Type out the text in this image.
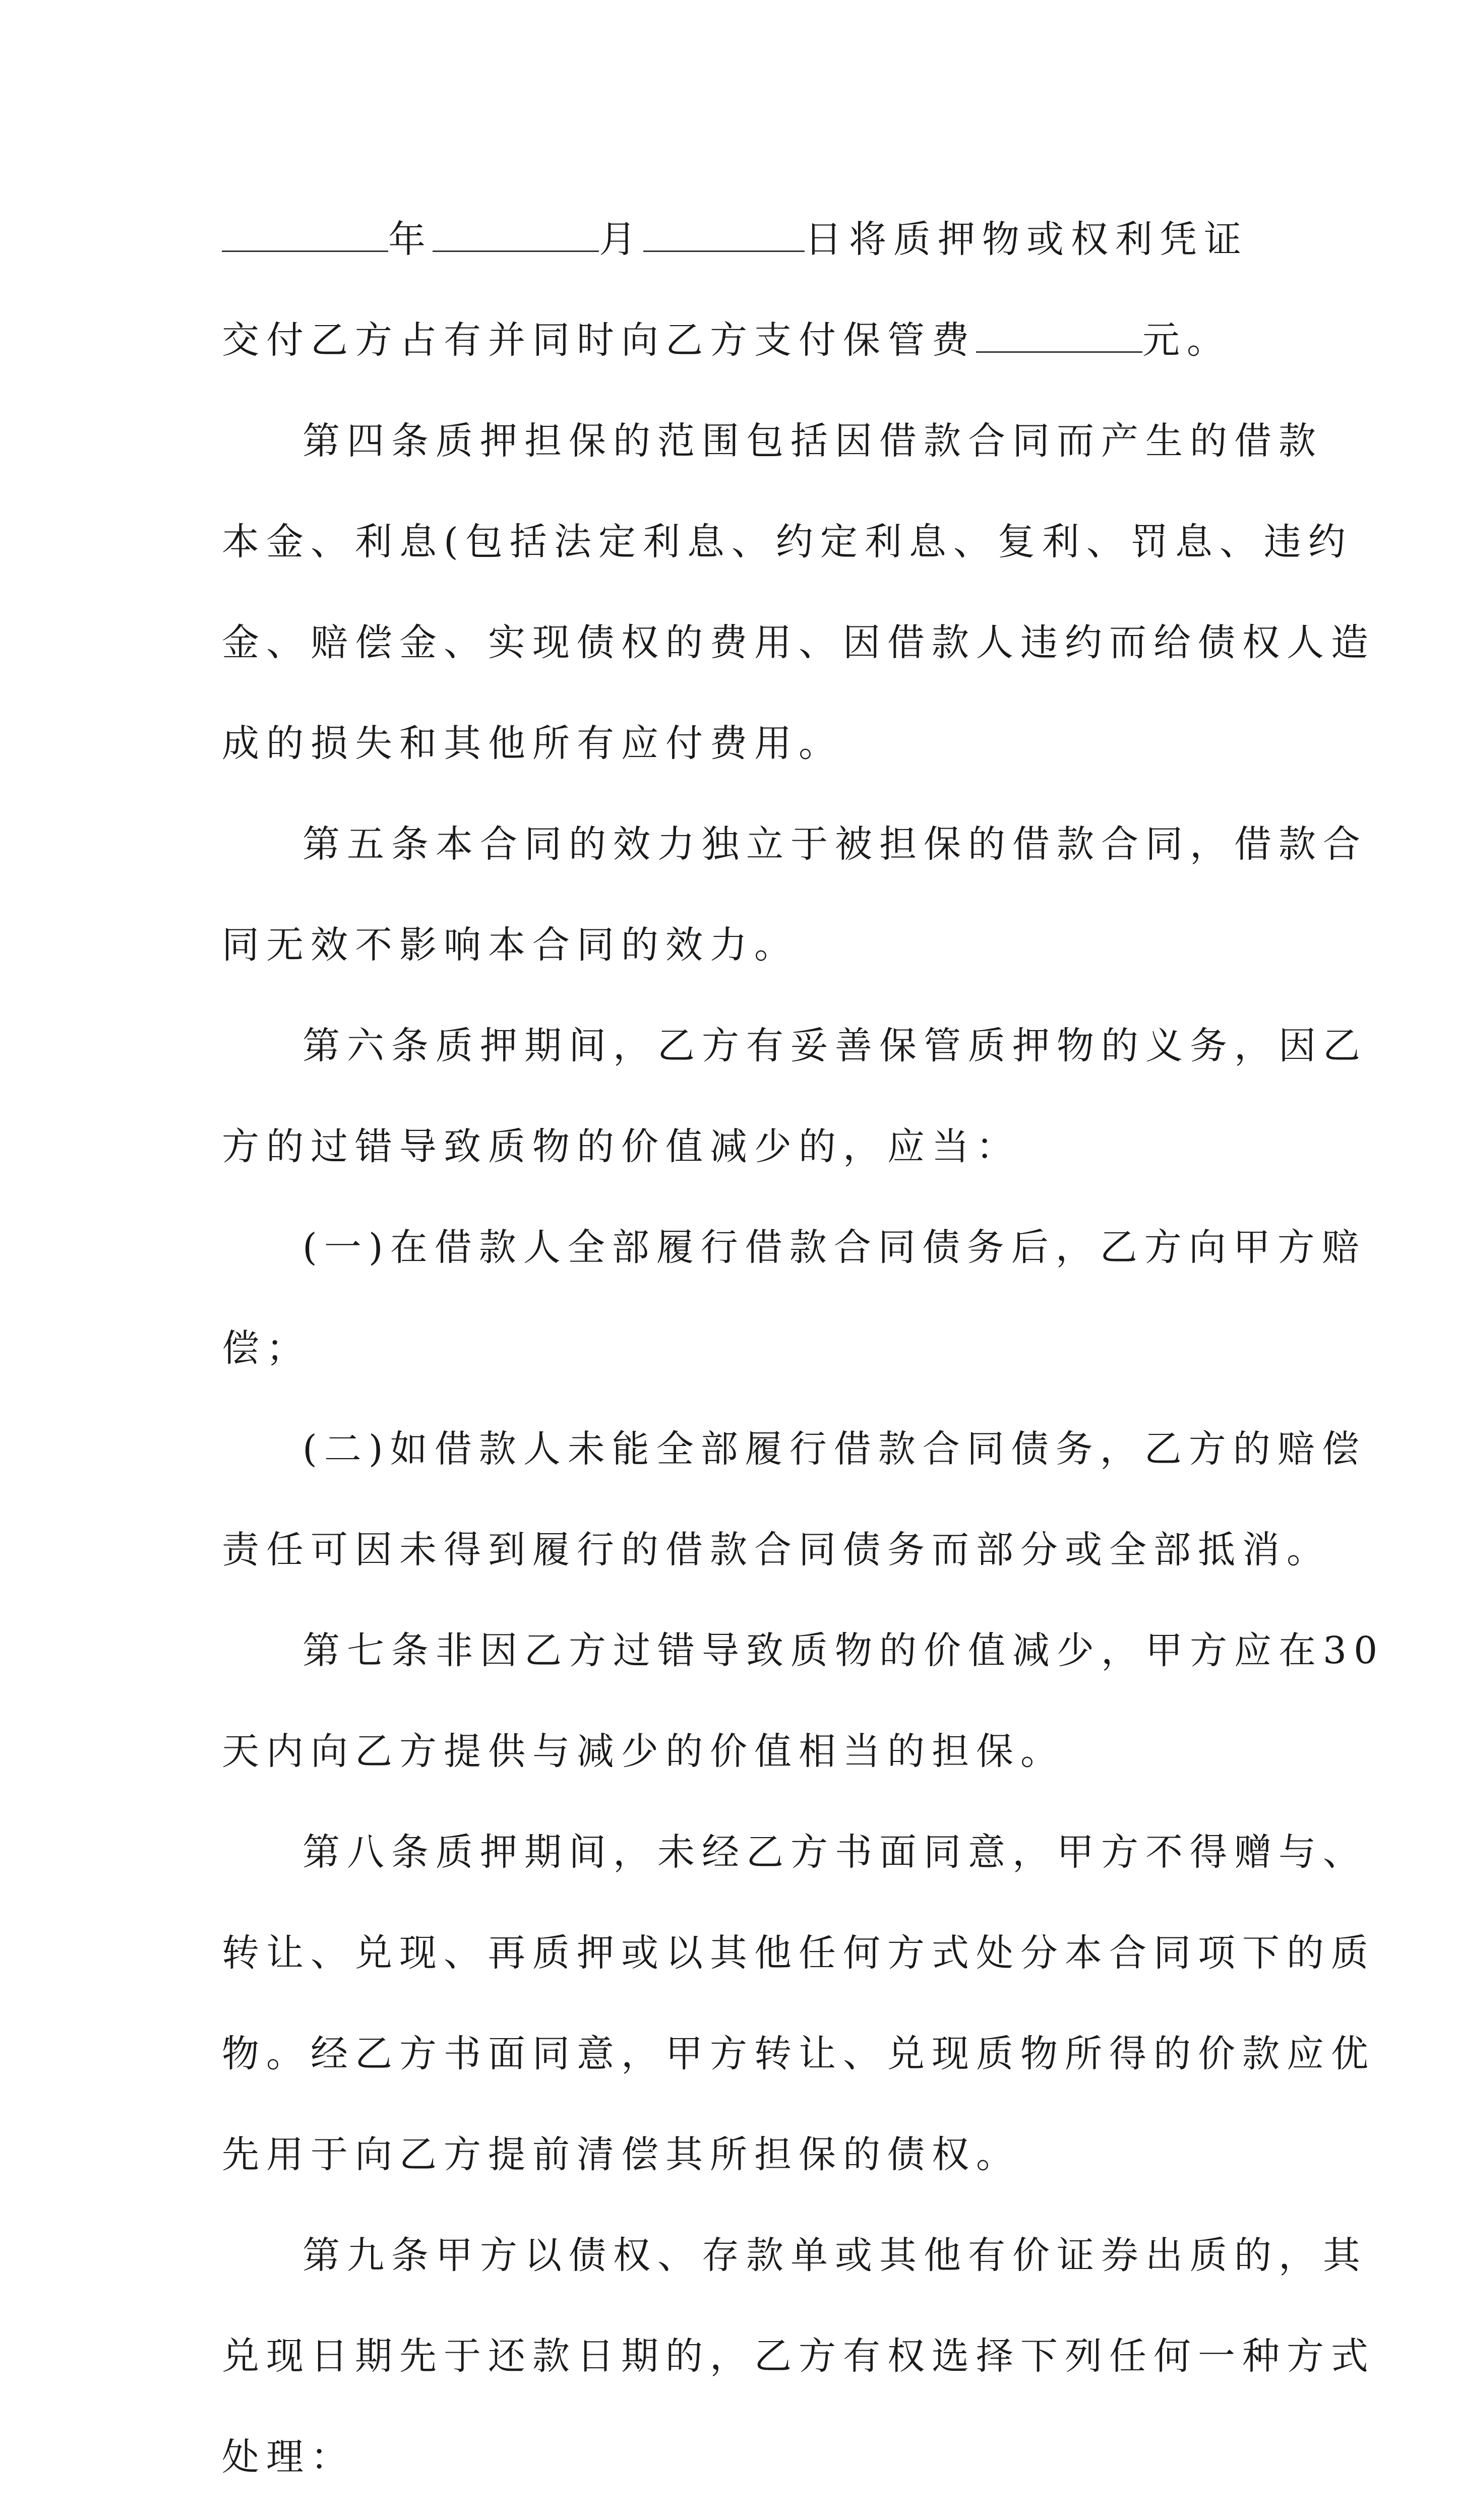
年	月	日将质押物或权利凭证
交付乙方占有并同时向乙方支付保管费	元。
第四条质押担保的范围包括因借款合同而产生的借款
本金、利息(包括法定利息、约定利息、复利、罚息、违约
金、赔偿金、实现债权的费用、因借款人违约而给债权人造
成的损失和其他所有应付费用。
第五条本合同的效力独立于被担保的借款合同，借款合
同无效不影响本合同的效力。
第六条质押期间，乙方有妥善保管质押物的义务，因乙
方的过错导致质物的价值减少的，应当：
(一)在借款人全部履行借款合同债务后，乙方向甲方赔
偿；
(二)如借款人未能全部履行借款合同债务，乙方的赔偿
责任可因未得到履行的借款合同债务而部分或全部抵消。
第七条非因乙方过错导致质物的价值减少，甲方应在30
天内向乙方提供与减少的价值相当的担保。
第八条质押期间，未经乙方书面同意，甲方不得赠与、
转让、兑现、再质押或以其他任何方式处分本合同项下的质
物。经乙方书面同意，甲方转让、兑现质物所得的价款应优
先用于向乙方提前清偿其所担保的债权。
第九条甲方以债权、存款单或其他有价证券出质的，其
兑现日期先于还款日期的，乙方有权选择下列任何一种方式
处理：
